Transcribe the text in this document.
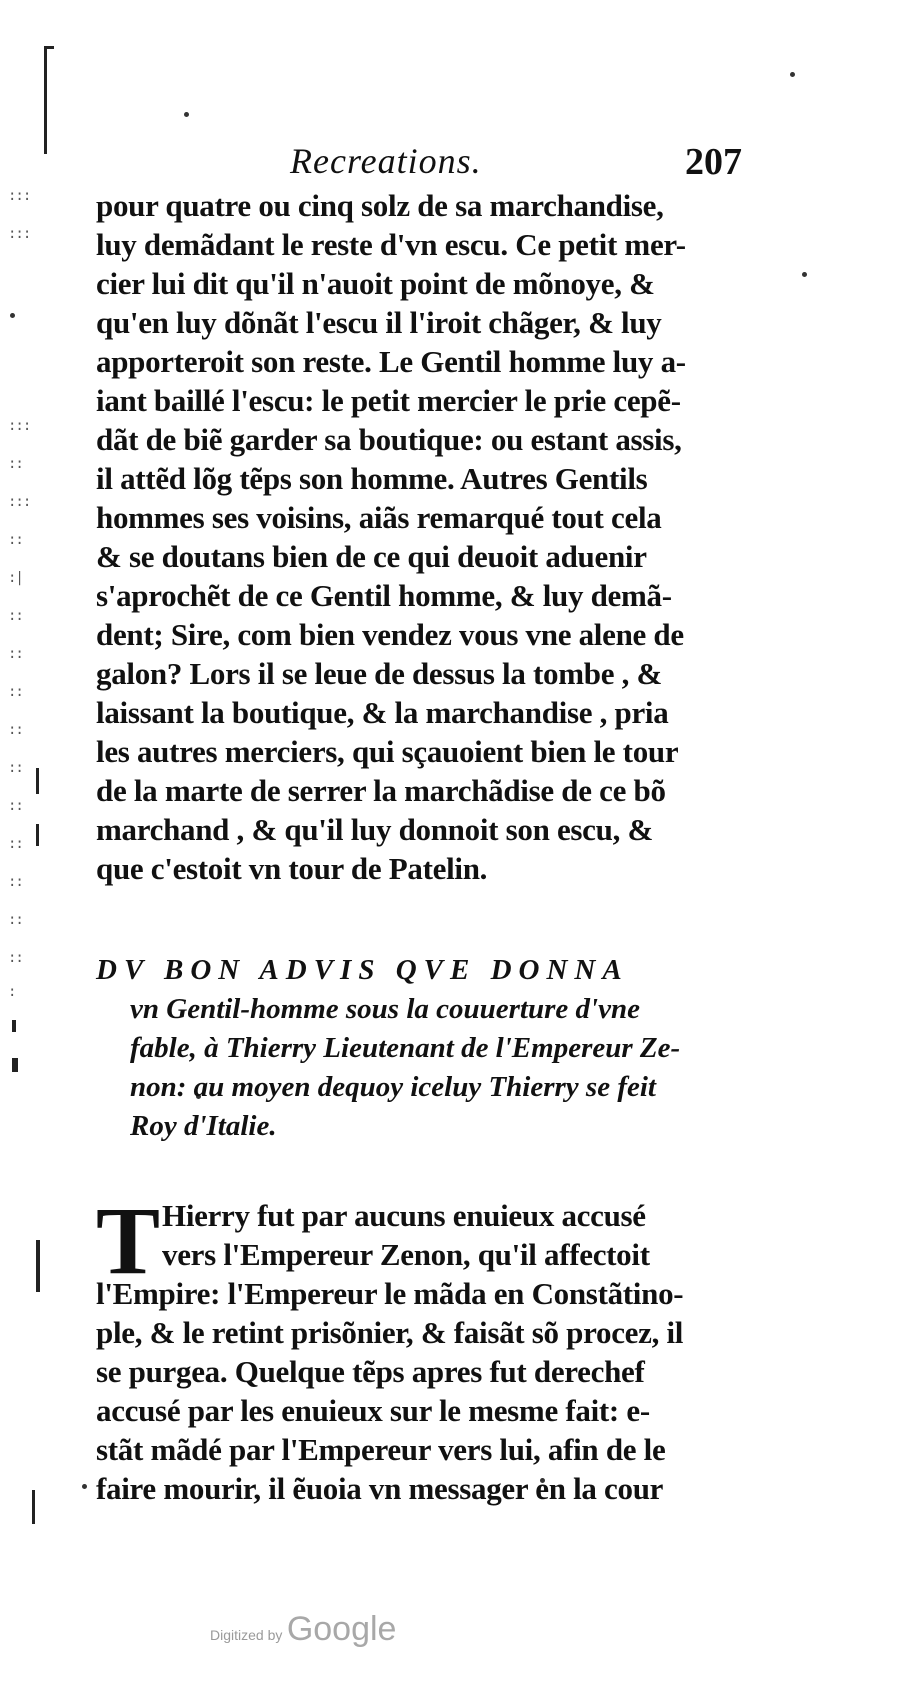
:::
:::
:::
::
:::
::
:|
::
::
::
::
::
::
::
::
::
::
:
Recreations.	207
pour quatre ou cinq solz de sa marchandise,
luy demãdant le reste d'vn escu. Ce petit mer-
cier lui dit qu'il n'auoit point de mõnoye, &
qu'en luy dõnãt l'escu il l'iroit chãger, & luy
apporteroit son reste. Le Gentil homme luy a-
iant baillé l'escu: le petit mercier le prie cepẽ-
dãt de biẽ garder sa boutique: ou estant assis,
il attẽd lõg tẽps son homme. Autres Gentils
hommes ses voisins, aiãs remarqué tout cela
& se doutans bien de ce qui deuoit aduenir
s'aprochẽt de ce Gentil homme, & luy demã-
dent; Sire, com bien vendez vous vne alene de
galon? Lors il se leue de dessus la tombe , &
laissant la boutique, & la marchandise , pria
les autres merciers, qui sçauoient bien le tour
de la marte de serrer la marchãdise de ce bõ
marchand , & qu'il luy donnoit son escu, &
que c'estoit vn tour de Patelin.
DV BON ADVIS QVE DONNA
vn Gentil-homme sous la couuerture d'vne
fable, à Thierry Lieutenant de l'Empereur Ze-
non: au moyen dequoy iceluy Thierry se feit
Roy d'Italie.
T Hierry fut par aucuns enuieux accusé
vers l'Empereur Zenon, qu'il affectoit
l'Empire: l'Empereur le mãda en Constãtino-
ple, & le retint prisõnier, & faisãt sõ procez, il
se purgea. Quelque tẽps apres fut derechef
accusé par les enuieux sur le mesme fait: e-
stãt mãdé par l'Empereur vers lui, afin de le
faire mourir, il ẽuoia vn messager en la cour
Digitized by Google
